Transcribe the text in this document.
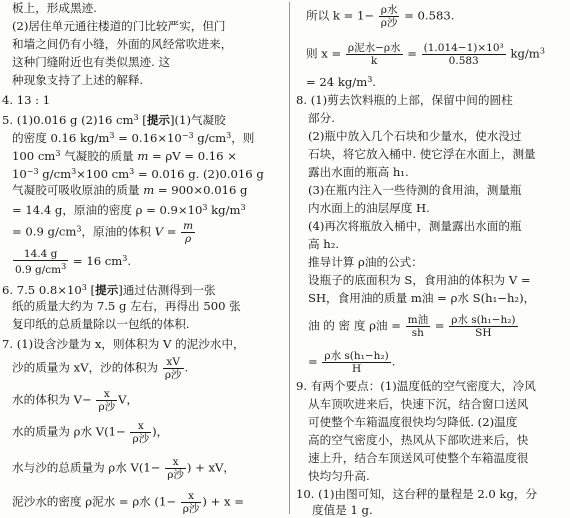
板上，形成黑迹.
(2)居住单元通往楼道的门比较严实，但门
和墙之间仍有小缝，外面的风经常吹进来，
这种门缝附近也有类似黑迹. 这
种现象支持了上述的解释.
4. 13 : 1
5. (1)0.016 g (2)16 $cm^3$ [提示](1)气凝胶
的密度 0.16 $kg/m^3 = 0.16\times 10^{-3}$ $g/cm^3$，则
100 $cm^3$ 气凝胶的质量 m = ρV = 0.16 ×
$10^{-3}$ $g/cm^3\times 100$ $cm^3 = 0.016$ g. (2)0.016 g
气凝胶可吸收原油的质量 m = 900×0.016 g
= 14.4 g，原油的密度 $\rho = 0.9\times 10^3$ $kg/m^3$
= 0.9 $g/cm^3$，原油的体积 $V = \frac{m}{\rho}$
$\frac{14.4 g}{0.9 g/cm^3} = 16$ $cm^3$.
6. 7.5 $0.8\times 10^3$ [提示]通过估测得到一张
纸的质量大约为 7.5 g 左右，再得出 500 张
复印纸的总质量除以一包纸的体积.
7. (1)设含沙量为 x，则体积为 V 的泥沙水中，
沙的质量为 xV，沙的体积为 $\frac{xV}{\text{ρ沙}}$ .
水的体积为 $V- \frac{x}{\text{ρ沙}}$ V，
水的质量为 ρ水 $V(1- \frac{x}{\text{ρ沙}}$ )，
水与沙的总质量为 ρ水 $V(1- \frac{x}{\text{ρ沙}}$ ) + xV，
泥沙水的密度 ρ泥水 = ρ水 ($1- \frac{x}{\text{ρ沙}}$ ) + x =
所以 $k = 1- \frac{\text{ρ水}}{\text{ρ沙}} = 0.583$.
则 $x = \frac{\text{ρ泥水−ρ水}}{k} = \frac{\text{(1.014−1)×10³}}{0.583} kg/m^3$
= 24 $kg/m^3$.
8. (1)剪去饮料瓶的上部，保留中间的圆柱
部分.
(2)瓶中放入几个石块和少量水，使水没过
石块，将它放入桶中. 使它浮在水面上，测量
露出水面的瓶高 h₁.
(3)在瓶内注入一些待测的食用油，测量瓶
内水面上的油层厚度 H.
(4)再次将瓶放入桶中，测量露出水面的瓶
高 h₂.
推导计算 ρ油的公式：
设瓶子的底面积为 S，食用油的体积为 V =
SH，食用油的质量 m油 = ρ水 S(h₁−h₂)，
油 的 密 度 ρ油 = $\frac{\text{m油}}{sh} = \frac{\text{ρ水 s(h₁−h₂)}}{SH}$
= $\frac{\text{ρ水 s(h₁−h₂)}}{H}$ .
9. 有两个要点：(1)温度低的空气密度大，冷风
从车顶吹进来后，快速下沉，结合窗口送风
可使整个车箱温度很快均匀降低. (2)温度
高的空气密度小，热风从下部吹进来后，快
速上升，结合车顶送风可使整个车箱温度很
快均匀升高.
10. (1)由图可知，这台秤的量程是 2.0 kg，分
度值是 1 g.
